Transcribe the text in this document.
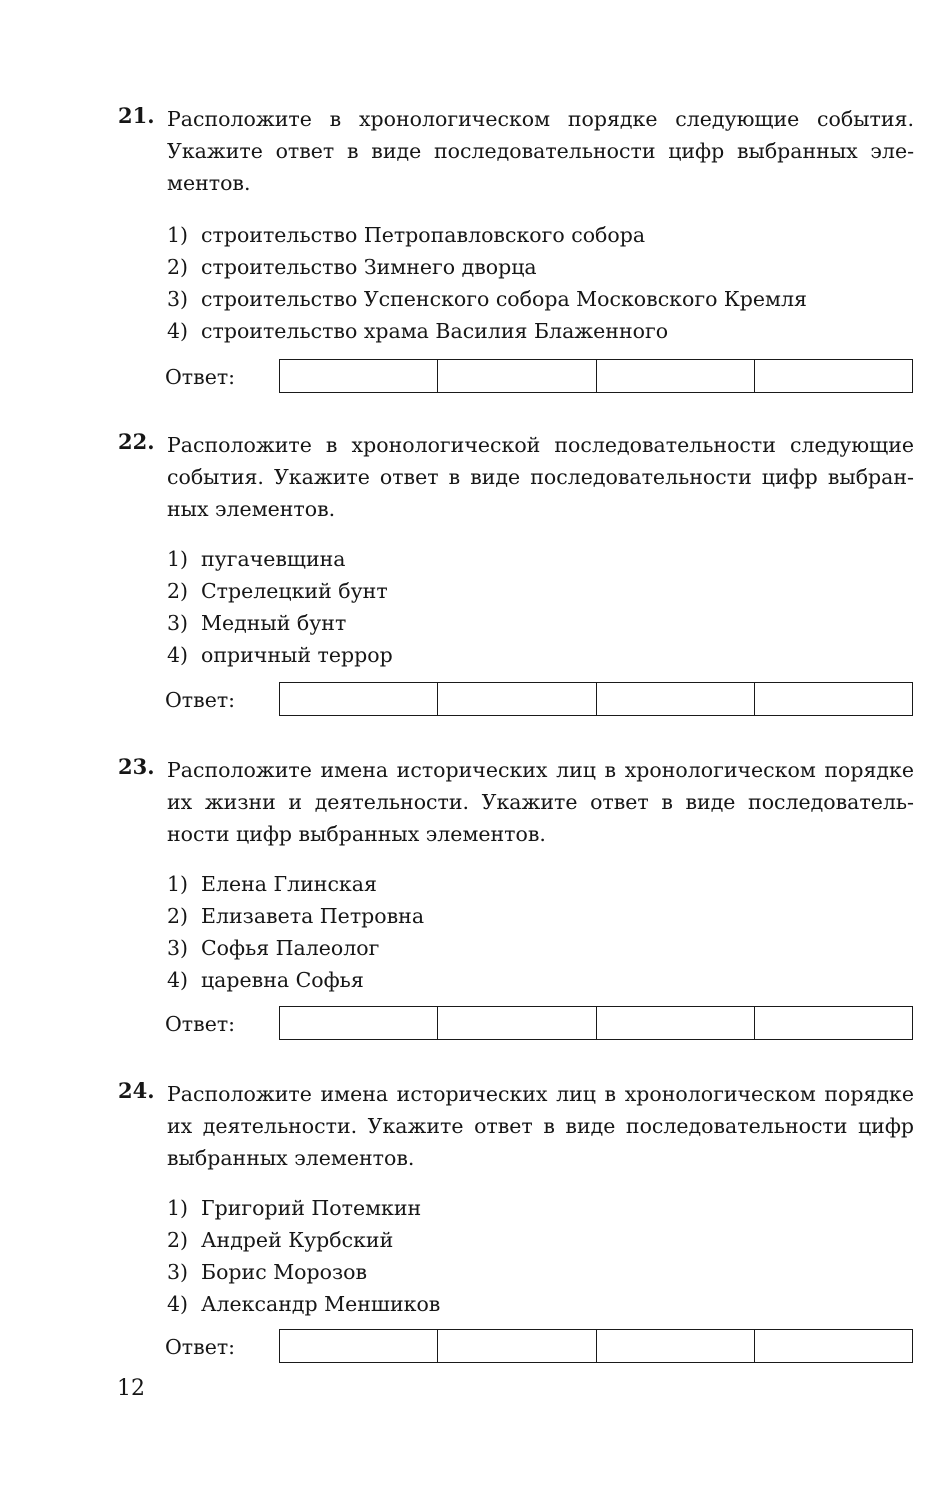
21. Расположите в хронологическом порядке следующие события. Укажите ответ в виде последовательности цифр выбранных эле-ментов.
1) строительство Петропавловского собора
2) строительство Зимнего дворца
3) строительство Успенского собора Московского Кремля
4) строительство храма Василия Блаженного
Ответ:
22. Расположите в хронологической последовательности следующие события. Укажите ответ в виде последовательности цифр выбран-ных элементов.
1) пугачевщина
2) Стрелецкий бунт
3) Медный бунт
4) опричный террор
Ответ:
23. Расположите имена исторических лиц в хронологическом порядке их жизни и деятельности. Укажите ответ в виде последователь-ности цифр выбранных элементов.
1) Елена Глинская
2) Елизавета Петровна
3) Софья Палеолог
4) царевна Софья
Ответ:
24. Расположите имена исторических лиц в хронологическом порядке их деятельности. Укажите ответ в виде последовательности цифр выбранных элементов.
1) Григорий Потемкин
2) Андрей Курбский
3) Борис Морозов
4) Александр Меншиков
Ответ:
12
